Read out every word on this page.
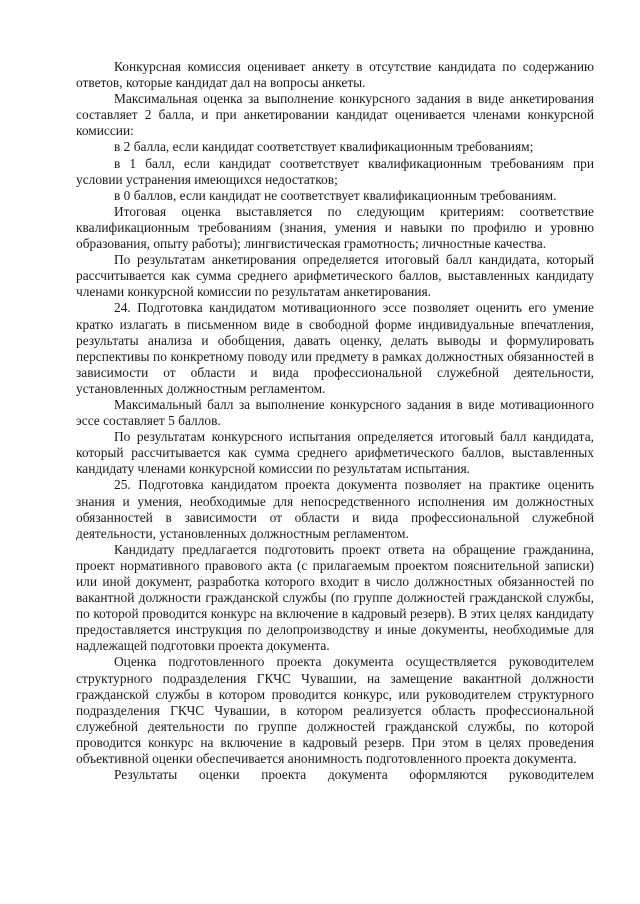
Конкурсная комиссия оценивает анкету в отсутствие кандидата по содержанию ответов, которые кандидат дал на вопросы анкеты.

Максимальная оценка за выполнение конкурсного задания в виде анкетирования составляет 2 балла, и при анкетировании кандидат оценивается членами конкурсной комиссии:

в 2 балла, если кандидат соответствует квалификационным требованиям;

в 1 балл, если кандидат соответствует квалификационным требованиям при условии устранения имеющихся недостатков;

в 0 баллов, если кандидат не соответствует квалификационным требованиям.

Итоговая оценка выставляется по следующим критериям: соответствие квалификационным требованиям (знания, умения и навыки по профилю и уровню образования, опыту работы); лингвистическая грамотность; личностные качества.

По результатам анкетирования определяется итоговый балл кандидата, который рассчитывается как сумма среднего арифметического баллов, выставленных кандидату членами конкурсной комиссии по результатам анкетирования.

24. Подготовка кандидатом мотивационного эссе позволяет оценить его умение кратко излагать в письменном виде в свободной форме индивидуальные впечатления, результаты анализа и обобщения, давать оценку, делать выводы и формулировать перспективы по конкретному поводу или предмету в рамках должностных обязанностей в зависимости от области и вида профессиональной служебной деятельности, установленных должностным регламентом.

Максимальный балл за выполнение конкурсного задания в виде мотивационного эссе составляет 5 баллов.

По результатам конкурсного испытания определяется итоговый балл кандидата, который рассчитывается как сумма среднего арифметического баллов, выставленных кандидату членами конкурсной комиссии по результатам испытания.

25. Подготовка кандидатом проекта документа позволяет на практике оценить знания и умения, необходимые для непосредственного исполнения им должностных обязанностей в зависимости от области и вида профессиональной служебной деятельности, установленных должностным регламентом.

Кандидату предлагается подготовить проект ответа на обращение гражданина, проект нормативного правового акта (с прилагаемым проектом пояснительной записки) или иной документ, разработка которого входит в число должностных обязанностей по вакантной должности гражданской службы (по группе должностей гражданской службы, по которой проводится конкурс на включение в кадровый резерв). В этих целях кандидату предоставляется инструкция по делопроизводству и иные документы, необходимые для надлежащей подготовки проекта документа.

Оценка подготовленного проекта документа осуществляется руководителем структурного подразделения ГКЧС Чувашии, на замещение вакантной должности гражданской службы в котором проводится конкурс, или руководителем структурного подразделения ГКЧС Чувашии, в котором реализуется область профессиональной служебной деятельности по группе должностей гражданской службы, по которой проводится конкурс на включение в кадровый резерв. При этом в целях проведения объективной оценки обеспечивается анонимность подготовленного проекта документа.

Результаты оценки проекта документа оформляются руководителем
